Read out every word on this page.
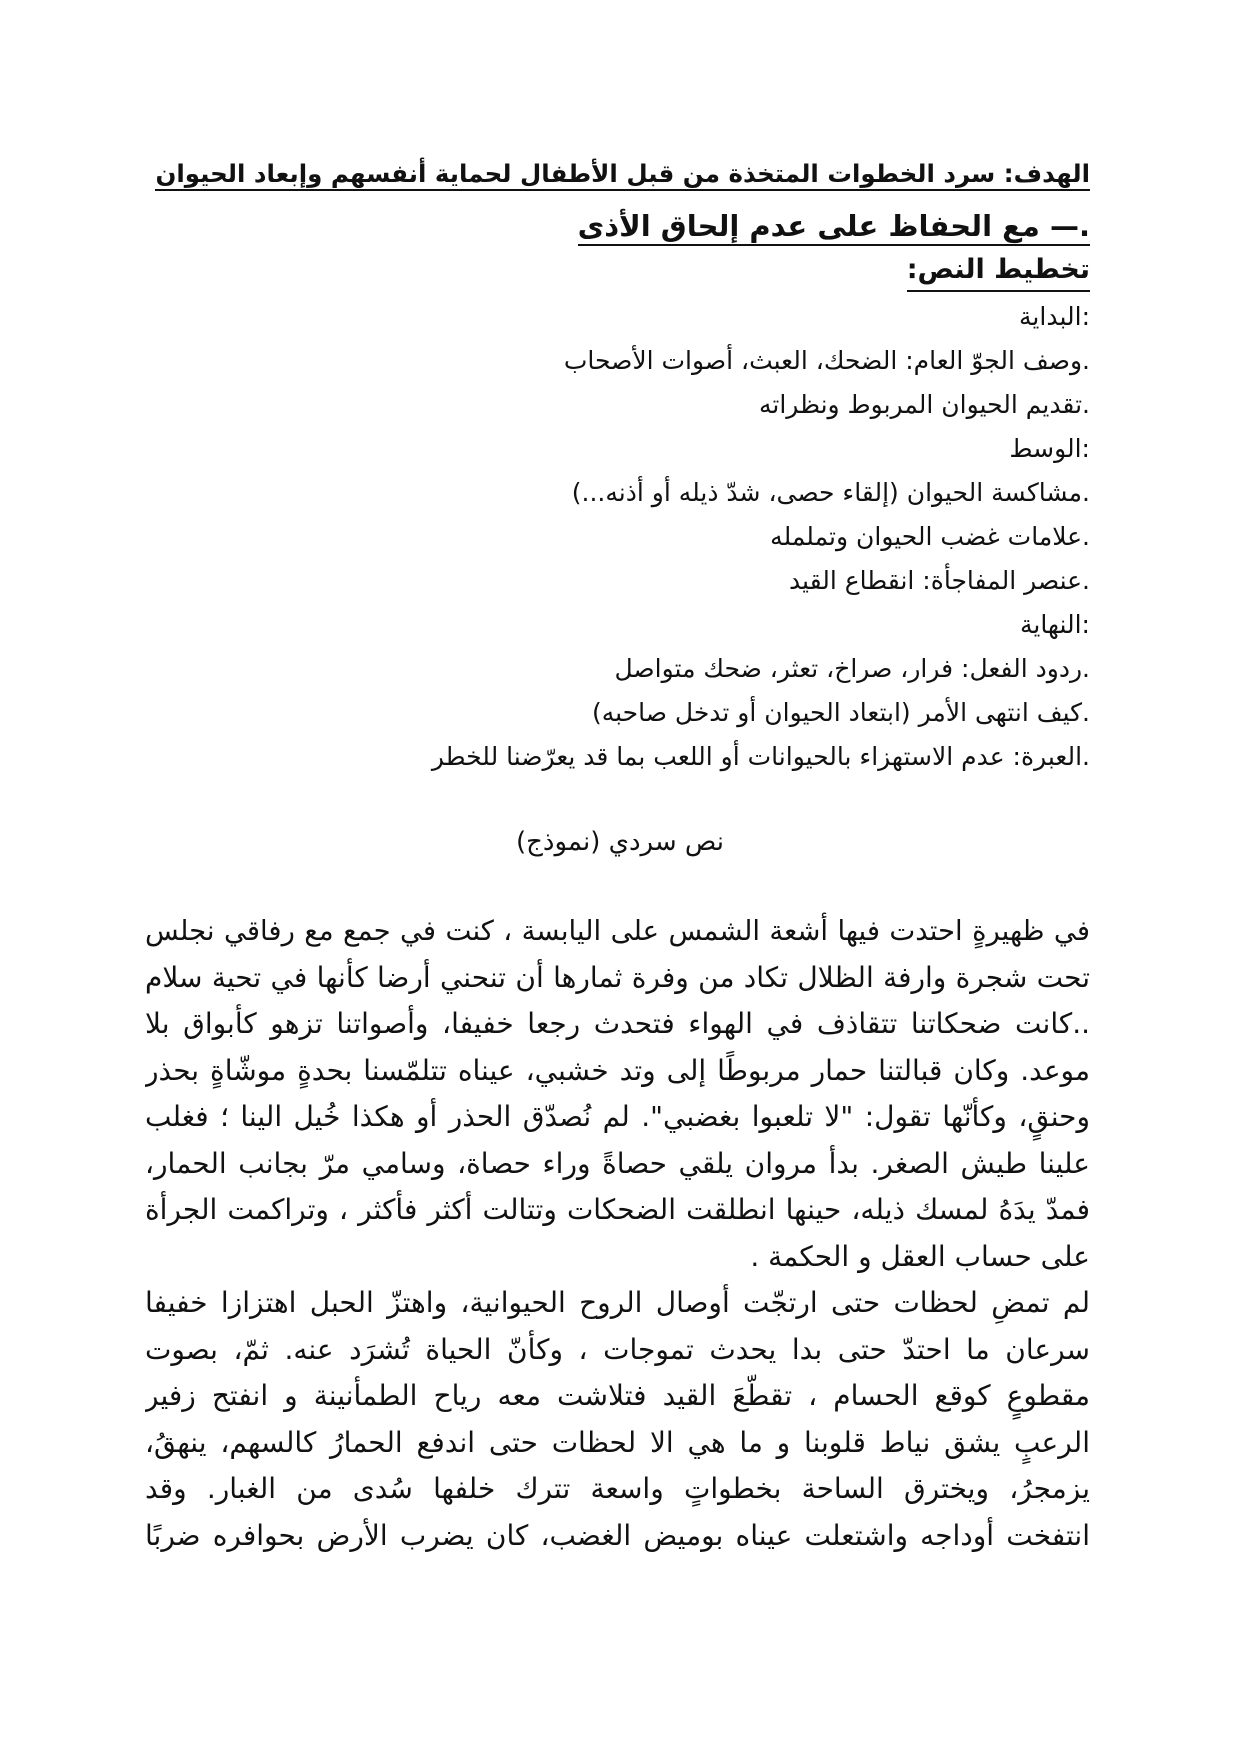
الهدف: سرد الخطوات المتخذة من قبل الأطفال لحماية أنفسهم وإبعاد الحيوان
.— مع الحفاظ على عدم إلحاق الأذى
تخطيط النص:
:البداية
.وصف الجوّ العام: الضحك، العبث، أصوات الأصحاب
.تقديم الحيوان المربوط ونظراته
:الوسط
.مشاكسة الحيوان (إلقاء حصى، شدّ ذيله أو أذنه...)
.علامات غضب الحيوان وتململه
.عنصر المفاجأة: انقطاع القيد
:النهاية
.ردود الفعل: فرار، صراخ، تعثر، ضحك متواصل
.كيف انتهى الأمر (ابتعاد الحيوان أو تدخل صاحبه)
.العبرة: عدم الاستهزاء بالحيوانات أو اللعب بما قد يعرّضنا للخطر
نص سردي (نموذج)
في ظهيرةٍ احتدت فيها أشعة الشمس على اليابسة ، كنت في جمع مع رفاقي نجلس
تحت شجرة وارفة الظلال تكاد من وفرة ثمارها أن تنحني أرضا كأنها في تحية سلام
..كانت ضحكاتنا تتقاذف في الهواء فتحدث رجعا خفيفا، وأصواتنا تزهو كأبواق بلا
موعد. وكان قبالتنا حمار مربوطًا إلى وتد خشبي، عيناه تتلمّسنا بحدةٍ موشّاةٍ بحذر
وحنقٍ، وكأنّها تقول: "لا تلعبوا بغضبي". لم نُصدّق الحذر أو هكذا خُيل الينا ؛ فغلب
علينا طيش الصغر. بدأ مروان يلقي حصاةً وراء حصاة، وسامي مرّ بجانب الحمار،
فمدّ يدَهُ لمسك ذيله، حينها انطلقت الضحكات وتتالت أكثر فأكثر ، وتراكمت الجرأة
على حساب العقل و الحكمة .
لم تمضِ لحظات حتى ارتجّت أوصال الروح الحيوانية، واهتزّ الحبل اهتزازا خفيفا
سرعان ما احتدّ حتى بدا يحدث تموجات ، وكأنّ الحياة تُشرَد عنه. ثمّ، بصوت
مقطوعٍ كوقع الحسام ، تقطّعَ القيد فتلاشت معه رياح الطمأنينة و انفتح زفير
الرعبٍ يشق نياط قلوبنا و ما هي الا لحظات حتى اندفع الحمارُ كالسهم، ينهقُ،
يزمجرُ، ويخترق الساحة بخطواتٍ واسعة تترك خلفها سُدى من الغبار. وقد
انتفخت أوداجه واشتعلت عيناه بوميض الغضب، كان يضرب الأرض بحوافره ضربًا
